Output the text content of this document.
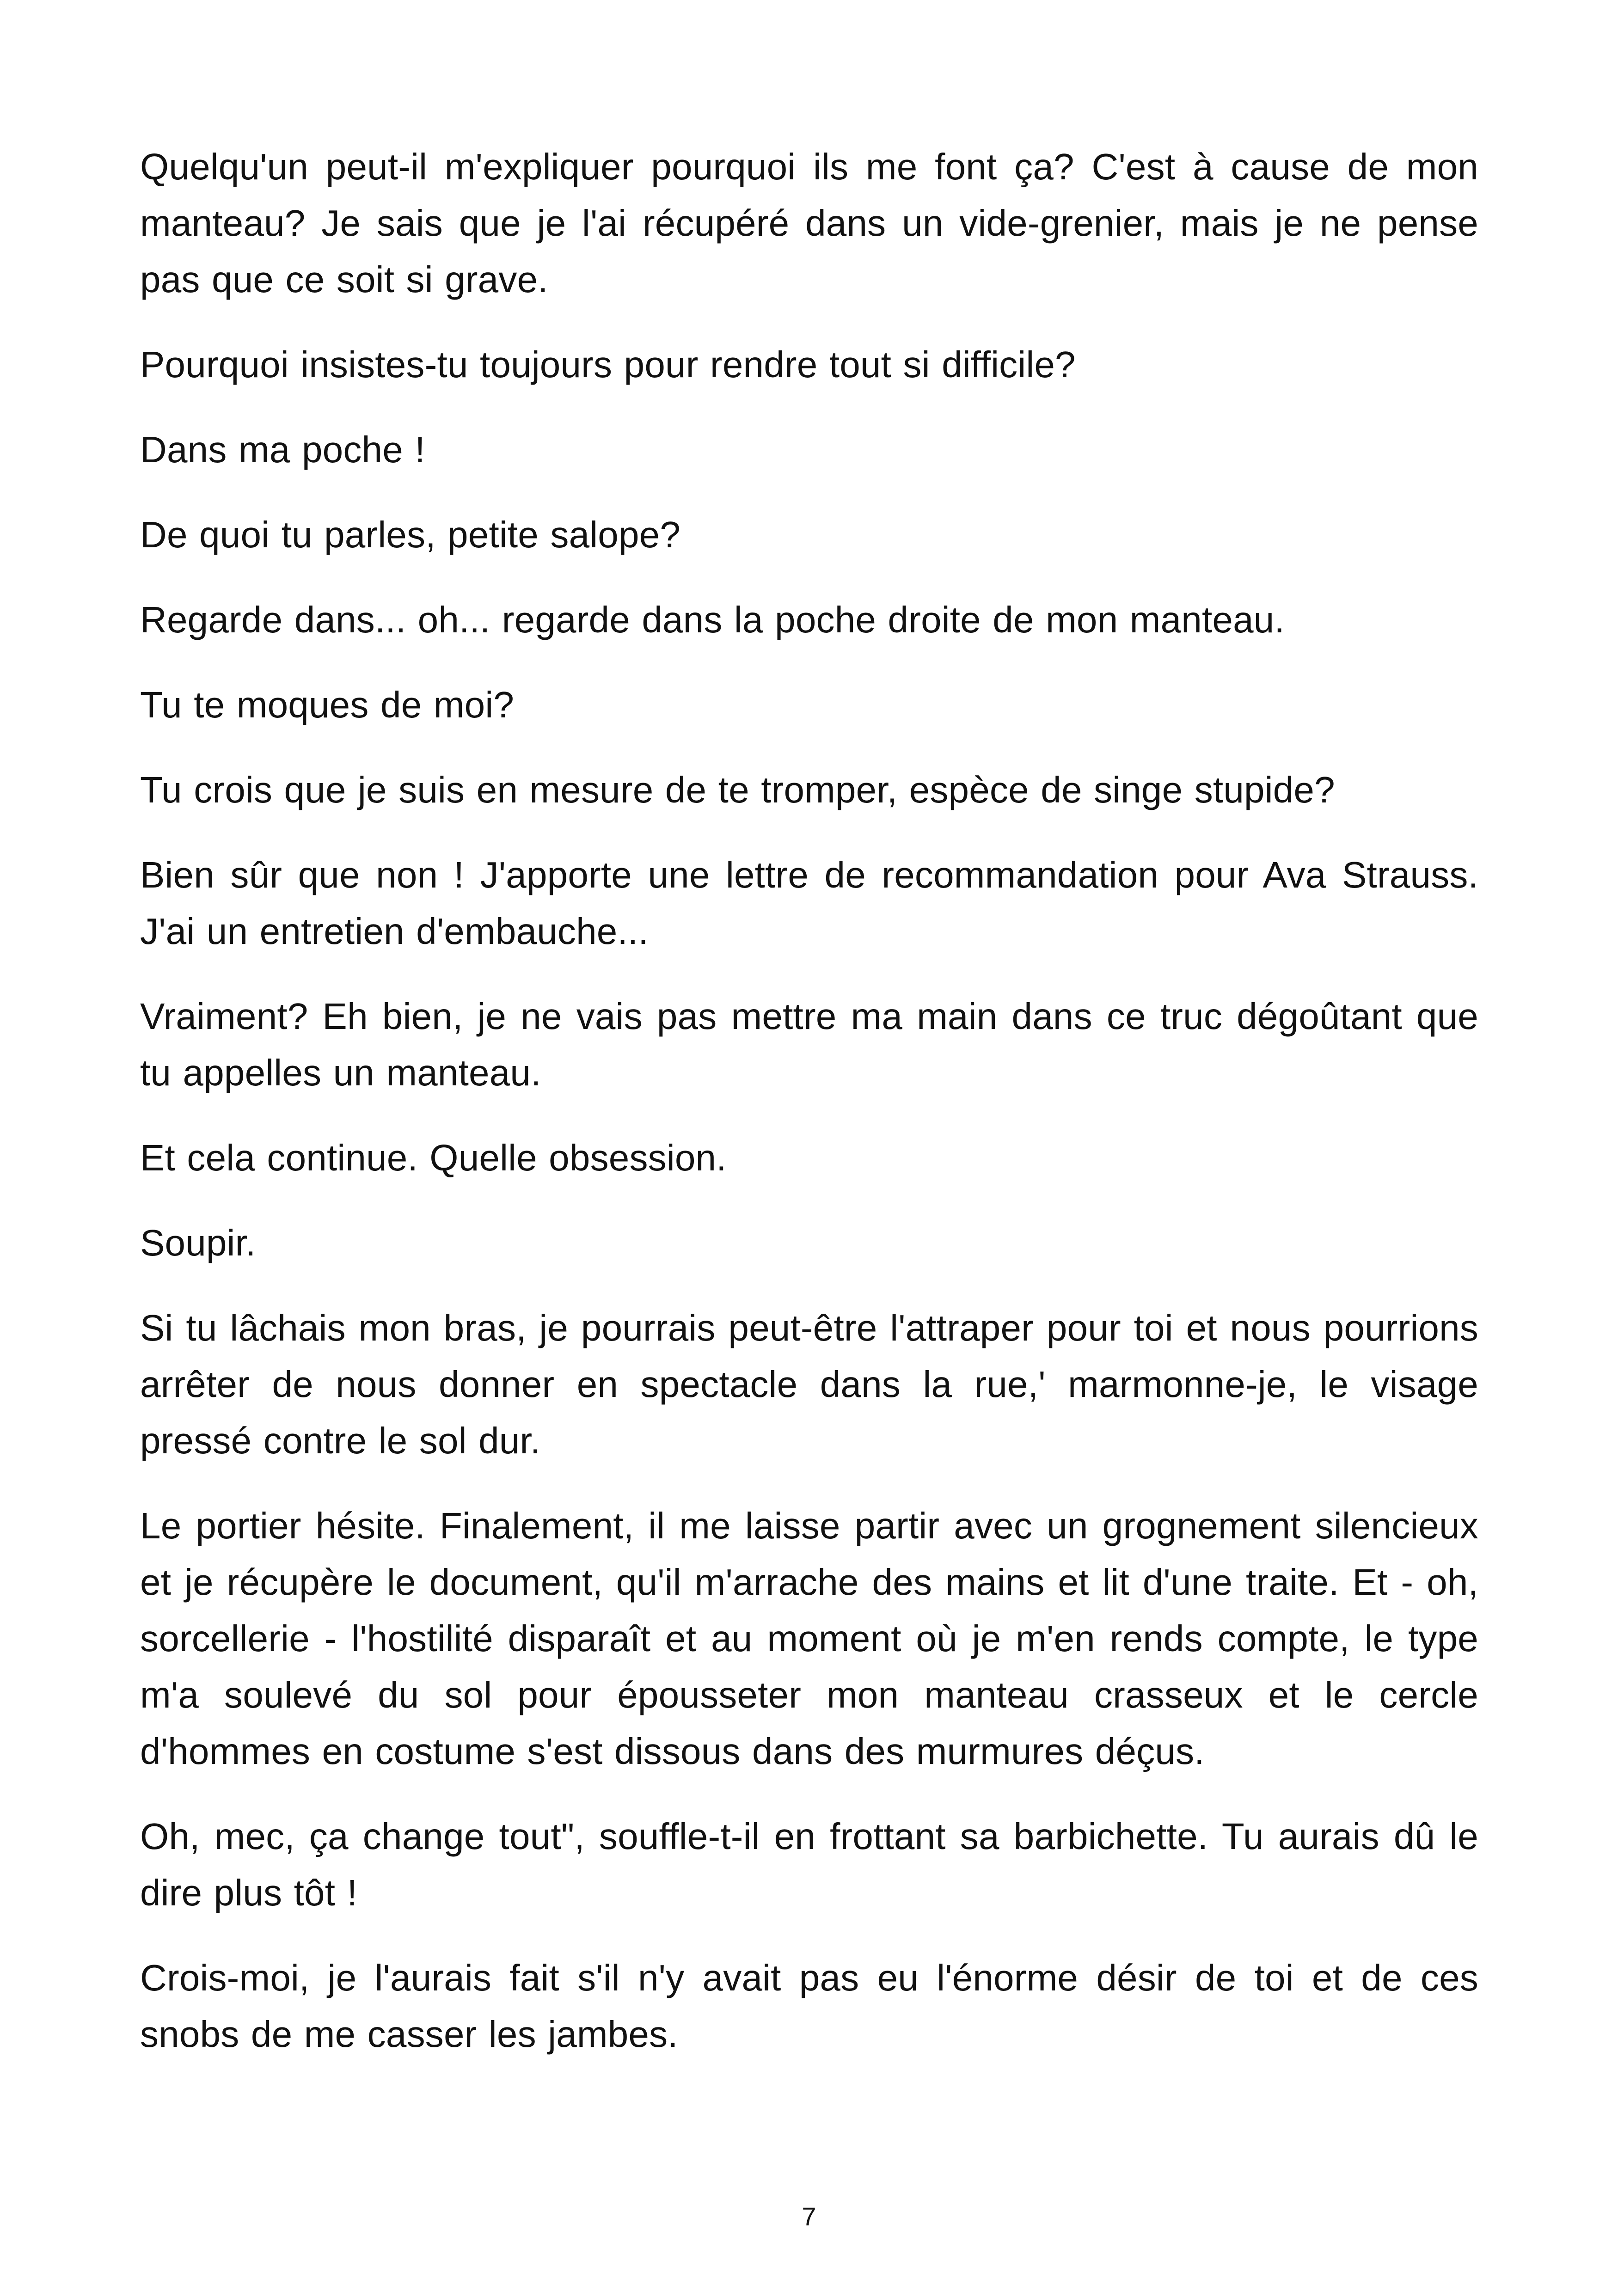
Quelqu'un peut-il m'expliquer pourquoi ils me font ça? C'est à cause de mon manteau? Je sais que je l'ai récupéré dans un vide-grenier, mais je ne pense pas que ce soit si grave.

Pourquoi insistes-tu toujours pour rendre tout si difficile?

Dans ma poche !

De quoi tu parles, petite salope?

Regarde dans... oh... regarde dans la poche droite de mon manteau.

Tu te moques de moi?

Tu crois que je suis en mesure de te tromper, espèce de singe stupide?

Bien sûr que non ! J'apporte une lettre de recommandation pour Ava Strauss. J'ai un entretien d'embauche...

Vraiment? Eh bien, je ne vais pas mettre ma main dans ce truc dégoûtant que tu appelles un manteau.

Et cela continue. Quelle obsession.

Soupir.

Si tu lâchais mon bras, je pourrais peut-être l'attraper pour toi et nous pourrions arrêter de nous donner en spectacle dans la rue,' marmonne-je, le visage pressé contre le sol dur.

Le portier hésite. Finalement, il me laisse partir avec un grognement silencieux et je récupère le document, qu'il m'arrache des mains et lit d'une traite. Et - oh, sorcellerie - l'hostilité disparaît et au moment où je m'en rends compte, le type m'a soulevé du sol pour épousseter mon manteau crasseux et le cercle d'hommes en costume s'est dissous dans des murmures déçus.

Oh, mec, ça change tout", souffle-t-il en frottant sa barbichette. Tu aurais dû le dire plus tôt !

Crois-moi, je l'aurais fait s'il n'y avait pas eu l'énorme désir de toi et de ces snobs de me casser les jambes.

7
